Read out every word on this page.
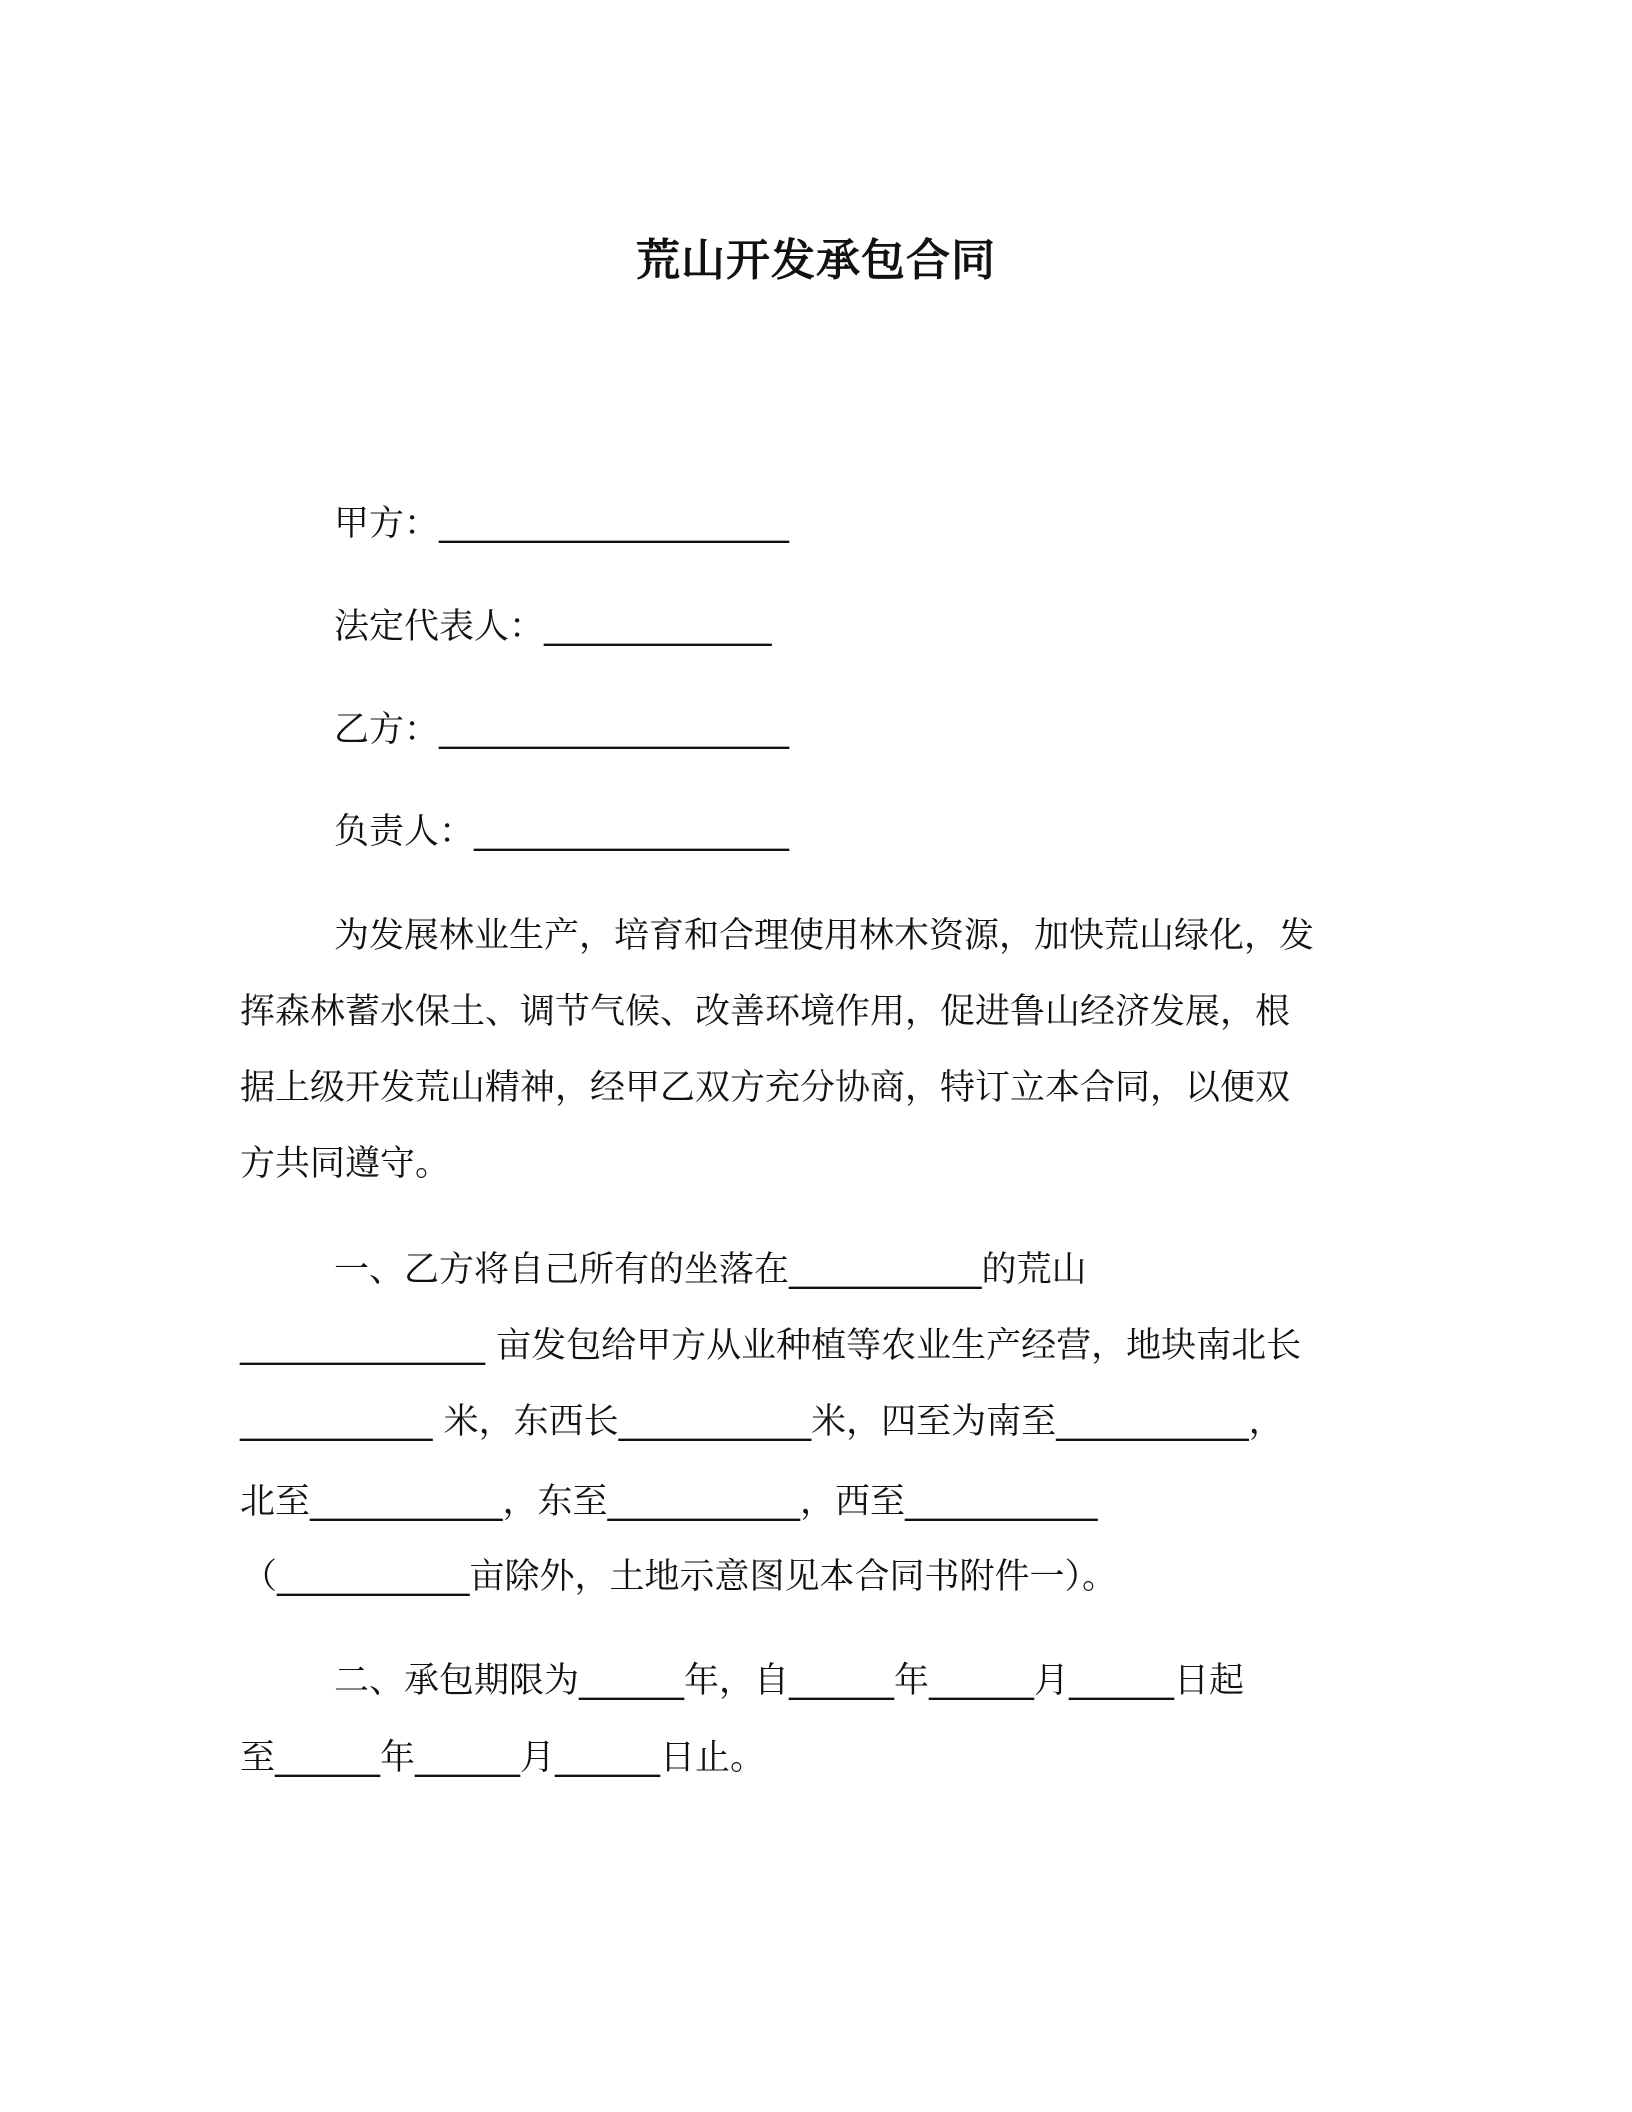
荒山开发承包合同
甲方：____________________
法定代表人：_____________
乙方：____________________
负责人：__________________
为发展林业生产，培育和合理使用林木资源，加快荒山绿化，发
挥森林蓄水保土、调节气候、改善环境作用，促进鲁山经济发展，根
据上级开发荒山精神，经甲乙双方充分协商，特订立本合同，以便双
方共同遵守。
一、乙方将自己所有的坐落在___________的荒山
______________ 亩发包给甲方从业种植等农业生产经营，地块南北长
___________ 米，东西长___________米，四至为南至___________，
北至___________，东至___________，西至___________
（___________亩除外，土地示意图见本合同书附件一）。
二、承包期限为______年，自______年______月______日起
至______年______月______日止。
